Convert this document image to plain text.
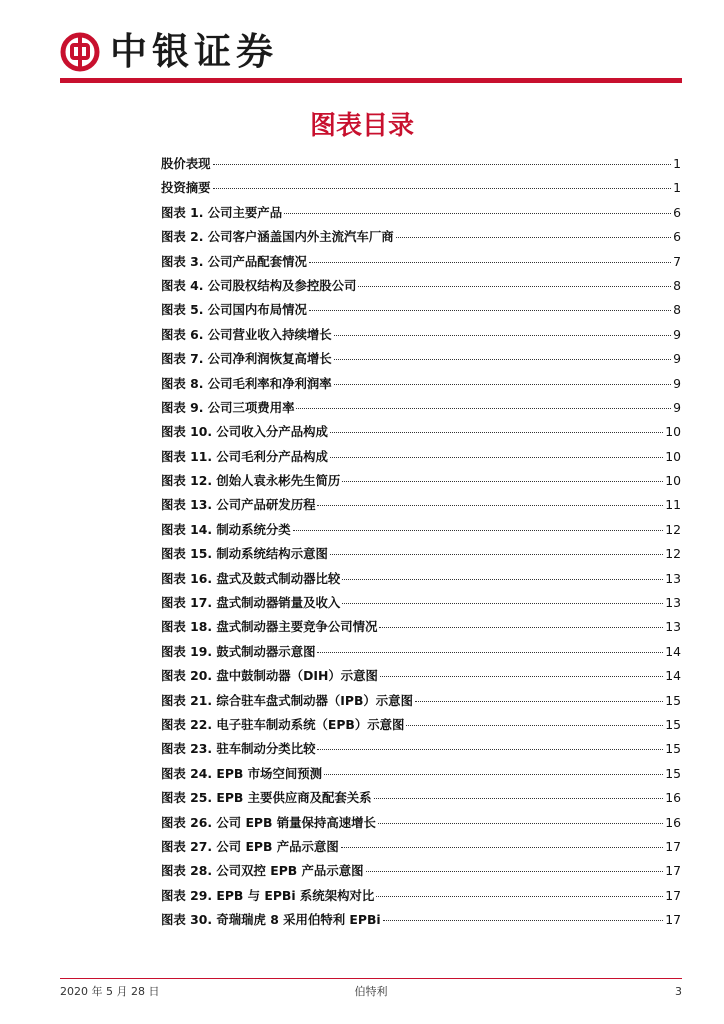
中银证券
图表目录
股价表现	1
投资摘要	1
图表 1. 公司主要产品	6
图表 2. 公司客户涵盖国内外主流汽车厂商	6
图表 3. 公司产品配套情况	7
图表 4. 公司股权结构及参控股公司	8
图表 5. 公司国内布局情况	8
图表 6. 公司营业收入持续增长	9
图表 7. 公司净利润恢复高增长	9
图表 8. 公司毛利率和净利润率	9
图表 9. 公司三项费用率	9
图表 10. 公司收入分产品构成	10
图表 11. 公司毛利分产品构成	10
图表 12. 创始人袁永彬先生简历	10
图表 13. 公司产品研发历程	11
图表 14. 制动系统分类	12
图表 15. 制动系统结构示意图	12
图表 16. 盘式及鼓式制动器比较	13
图表 17. 盘式制动器销量及收入	13
图表 18. 盘式制动器主要竞争公司情况	13
图表 19. 鼓式制动器示意图	14
图表 20. 盘中鼓制动器（DIH）示意图	14
图表 21. 综合驻车盘式制动器（IPB）示意图	15
图表 22. 电子驻车制动系统（EPB）示意图	15
图表 23. 驻车制动分类比较	15
图表 24. EPB 市场空间预测	15
图表 25. EPB 主要供应商及配套关系	16
图表 26. 公司 EPB 销量保持高速增长	16
图表 27. 公司 EPB 产品示意图	17
图表 28. 公司双控 EPB 产品示意图	17
图表 29. EPB 与 EPBi 系统架构对比	17
图表 30. 奇瑞瑞虎 8 采用伯特利 EPBi	17
2020 年 5 月 28 日	伯特利	3
